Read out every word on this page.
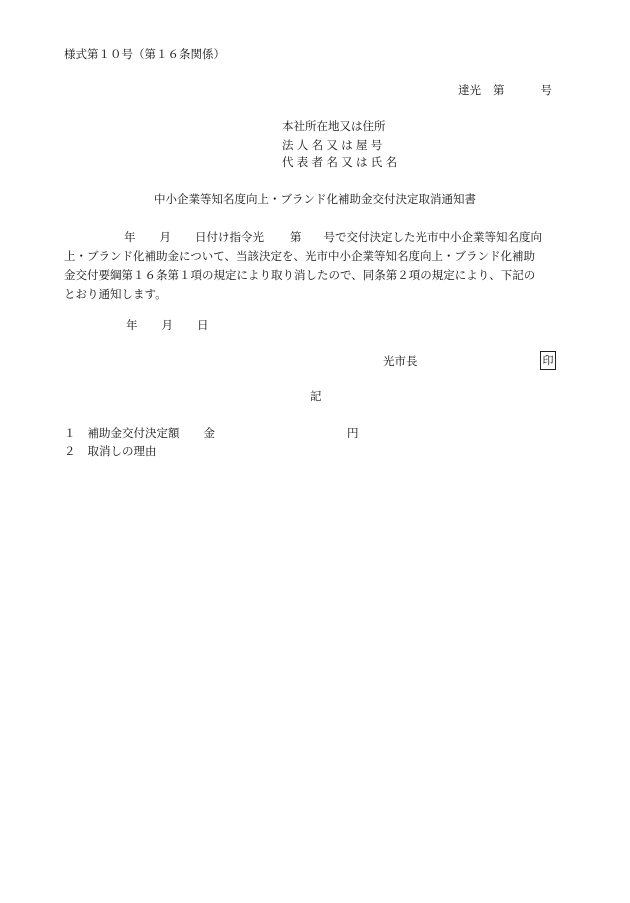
様式第１０号（第１６条関係）
達光 第	号
本社所在地又は住所
法人名又は屋号
代表者名又は氏名
中小企業等知名度向上・ブランド化補助金交付決定取消通知書
年 月 日付け指令光 第 号で交付決定した光市中小企業等知名度向
上・ブランド化補助金について、当該決定を、光市中小企業等知名度向上・ブランド化補助
金交付要綱第１６条第１項の規定により取り消したので、同条第２項の規定により、下記の
とおり通知します。
年 月 日
光市長	印
記
１ 補助金交付決定額 金	円
２ 取消しの理由
